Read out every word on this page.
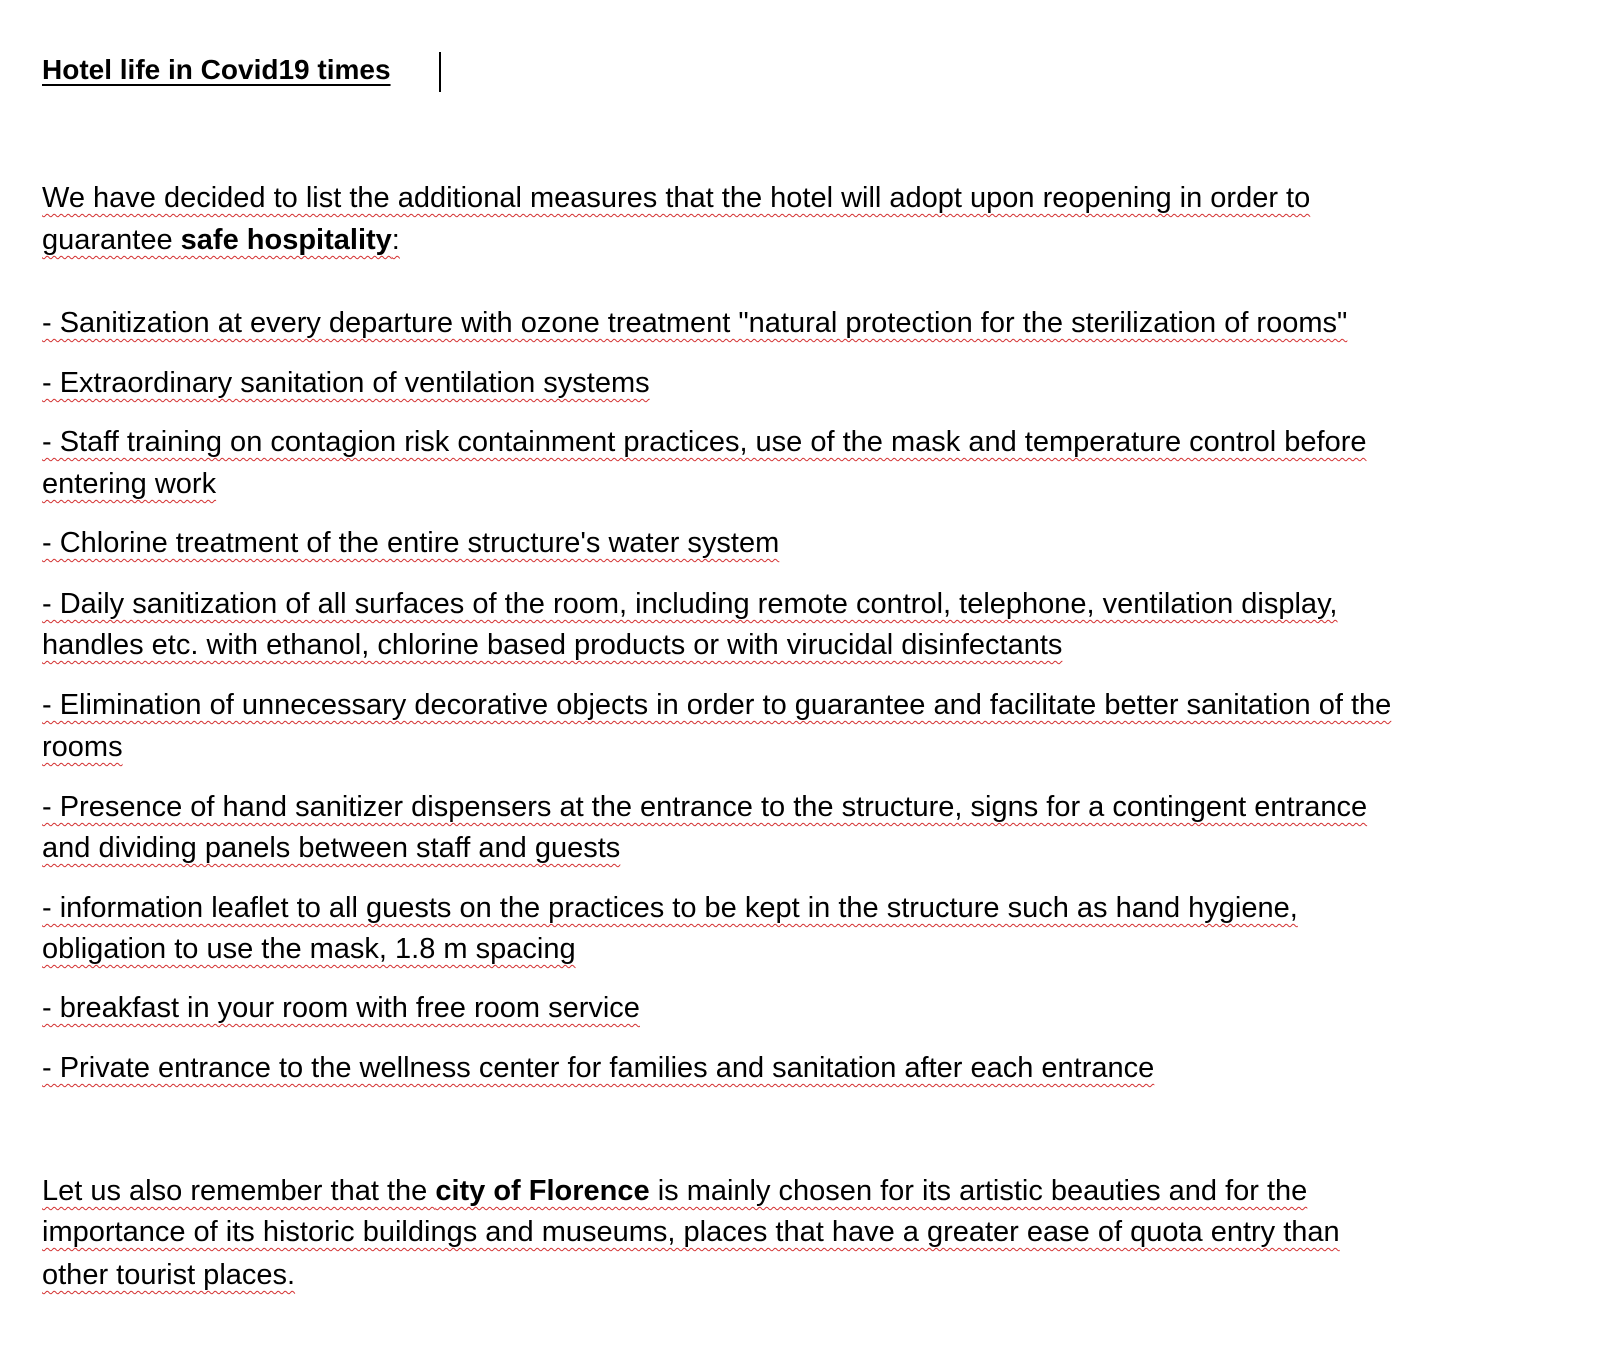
Hotel life in Covid19 times
We have decided to list the additional measures that the hotel will adopt upon reopening in order to
guarantee safe hospitality:
- Sanitization at every departure with ozone treatment "natural protection for the sterilization of rooms"
- Extraordinary sanitation of ventilation systems
- Staff training on contagion risk containment practices, use of the mask and temperature control before
entering work
- Chlorine treatment of the entire structure's water system
- Daily sanitization of all surfaces of the room, including remote control, telephone, ventilation display,
handles etc. with ethanol, chlorine based products or with virucidal disinfectants
- Elimination of unnecessary decorative objects in order to guarantee and facilitate better sanitation of the
rooms
- Presence of hand sanitizer dispensers at the entrance to the structure, signs for a contingent entrance
and dividing panels between staff and guests
- information leaflet to all guests on the practices to be kept in the structure such as hand hygiene,
obligation to use the mask, 1.8 m spacing
- breakfast in your room with free room service
- Private entrance to the wellness center for families and sanitation after each entrance
Let us also remember that the city of Florence is mainly chosen for its artistic beauties and for the
importance of its historic buildings and museums, places that have a greater ease of quota entry than
other tourist places.
